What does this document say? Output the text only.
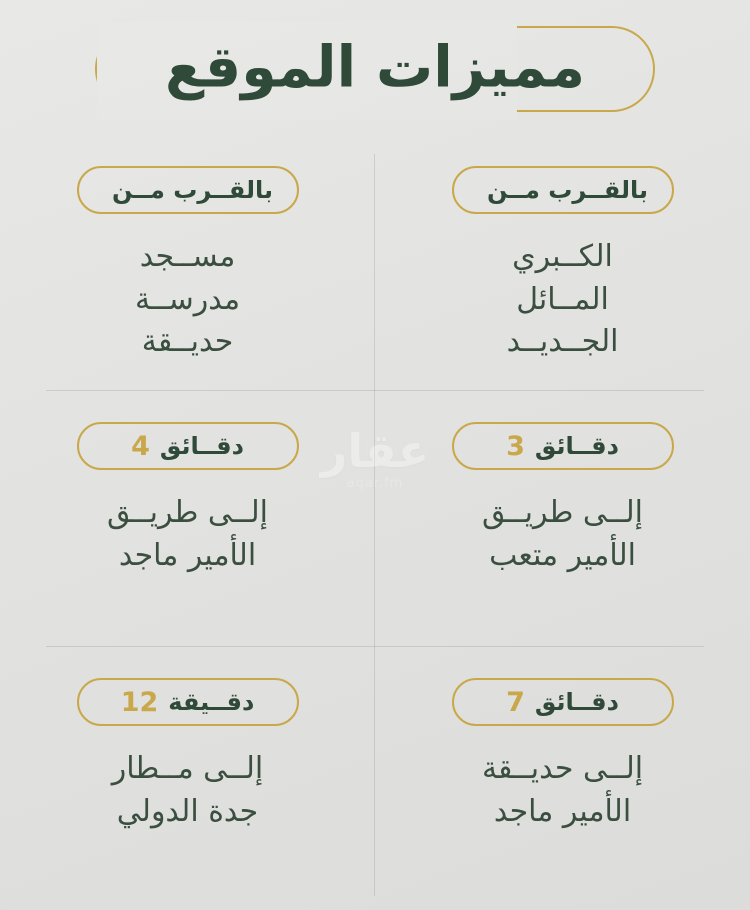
مميزات الموقع
بالقــرب مــن
الكــبري
المــائل
الجــديــد
بالقــرب مــن
مســجد
مدرســة
حديــقة
دقــائق
3
إلــى طريــق
الأمير متعب
دقــائق
4
إلــى طريــق
الأمير ماجد
دقــائق
7
إلــى حديــقة
الأمير ماجد
دقــيقة
12
إلــى مــطار
جدة الدولي
عقار
aqar.fm
